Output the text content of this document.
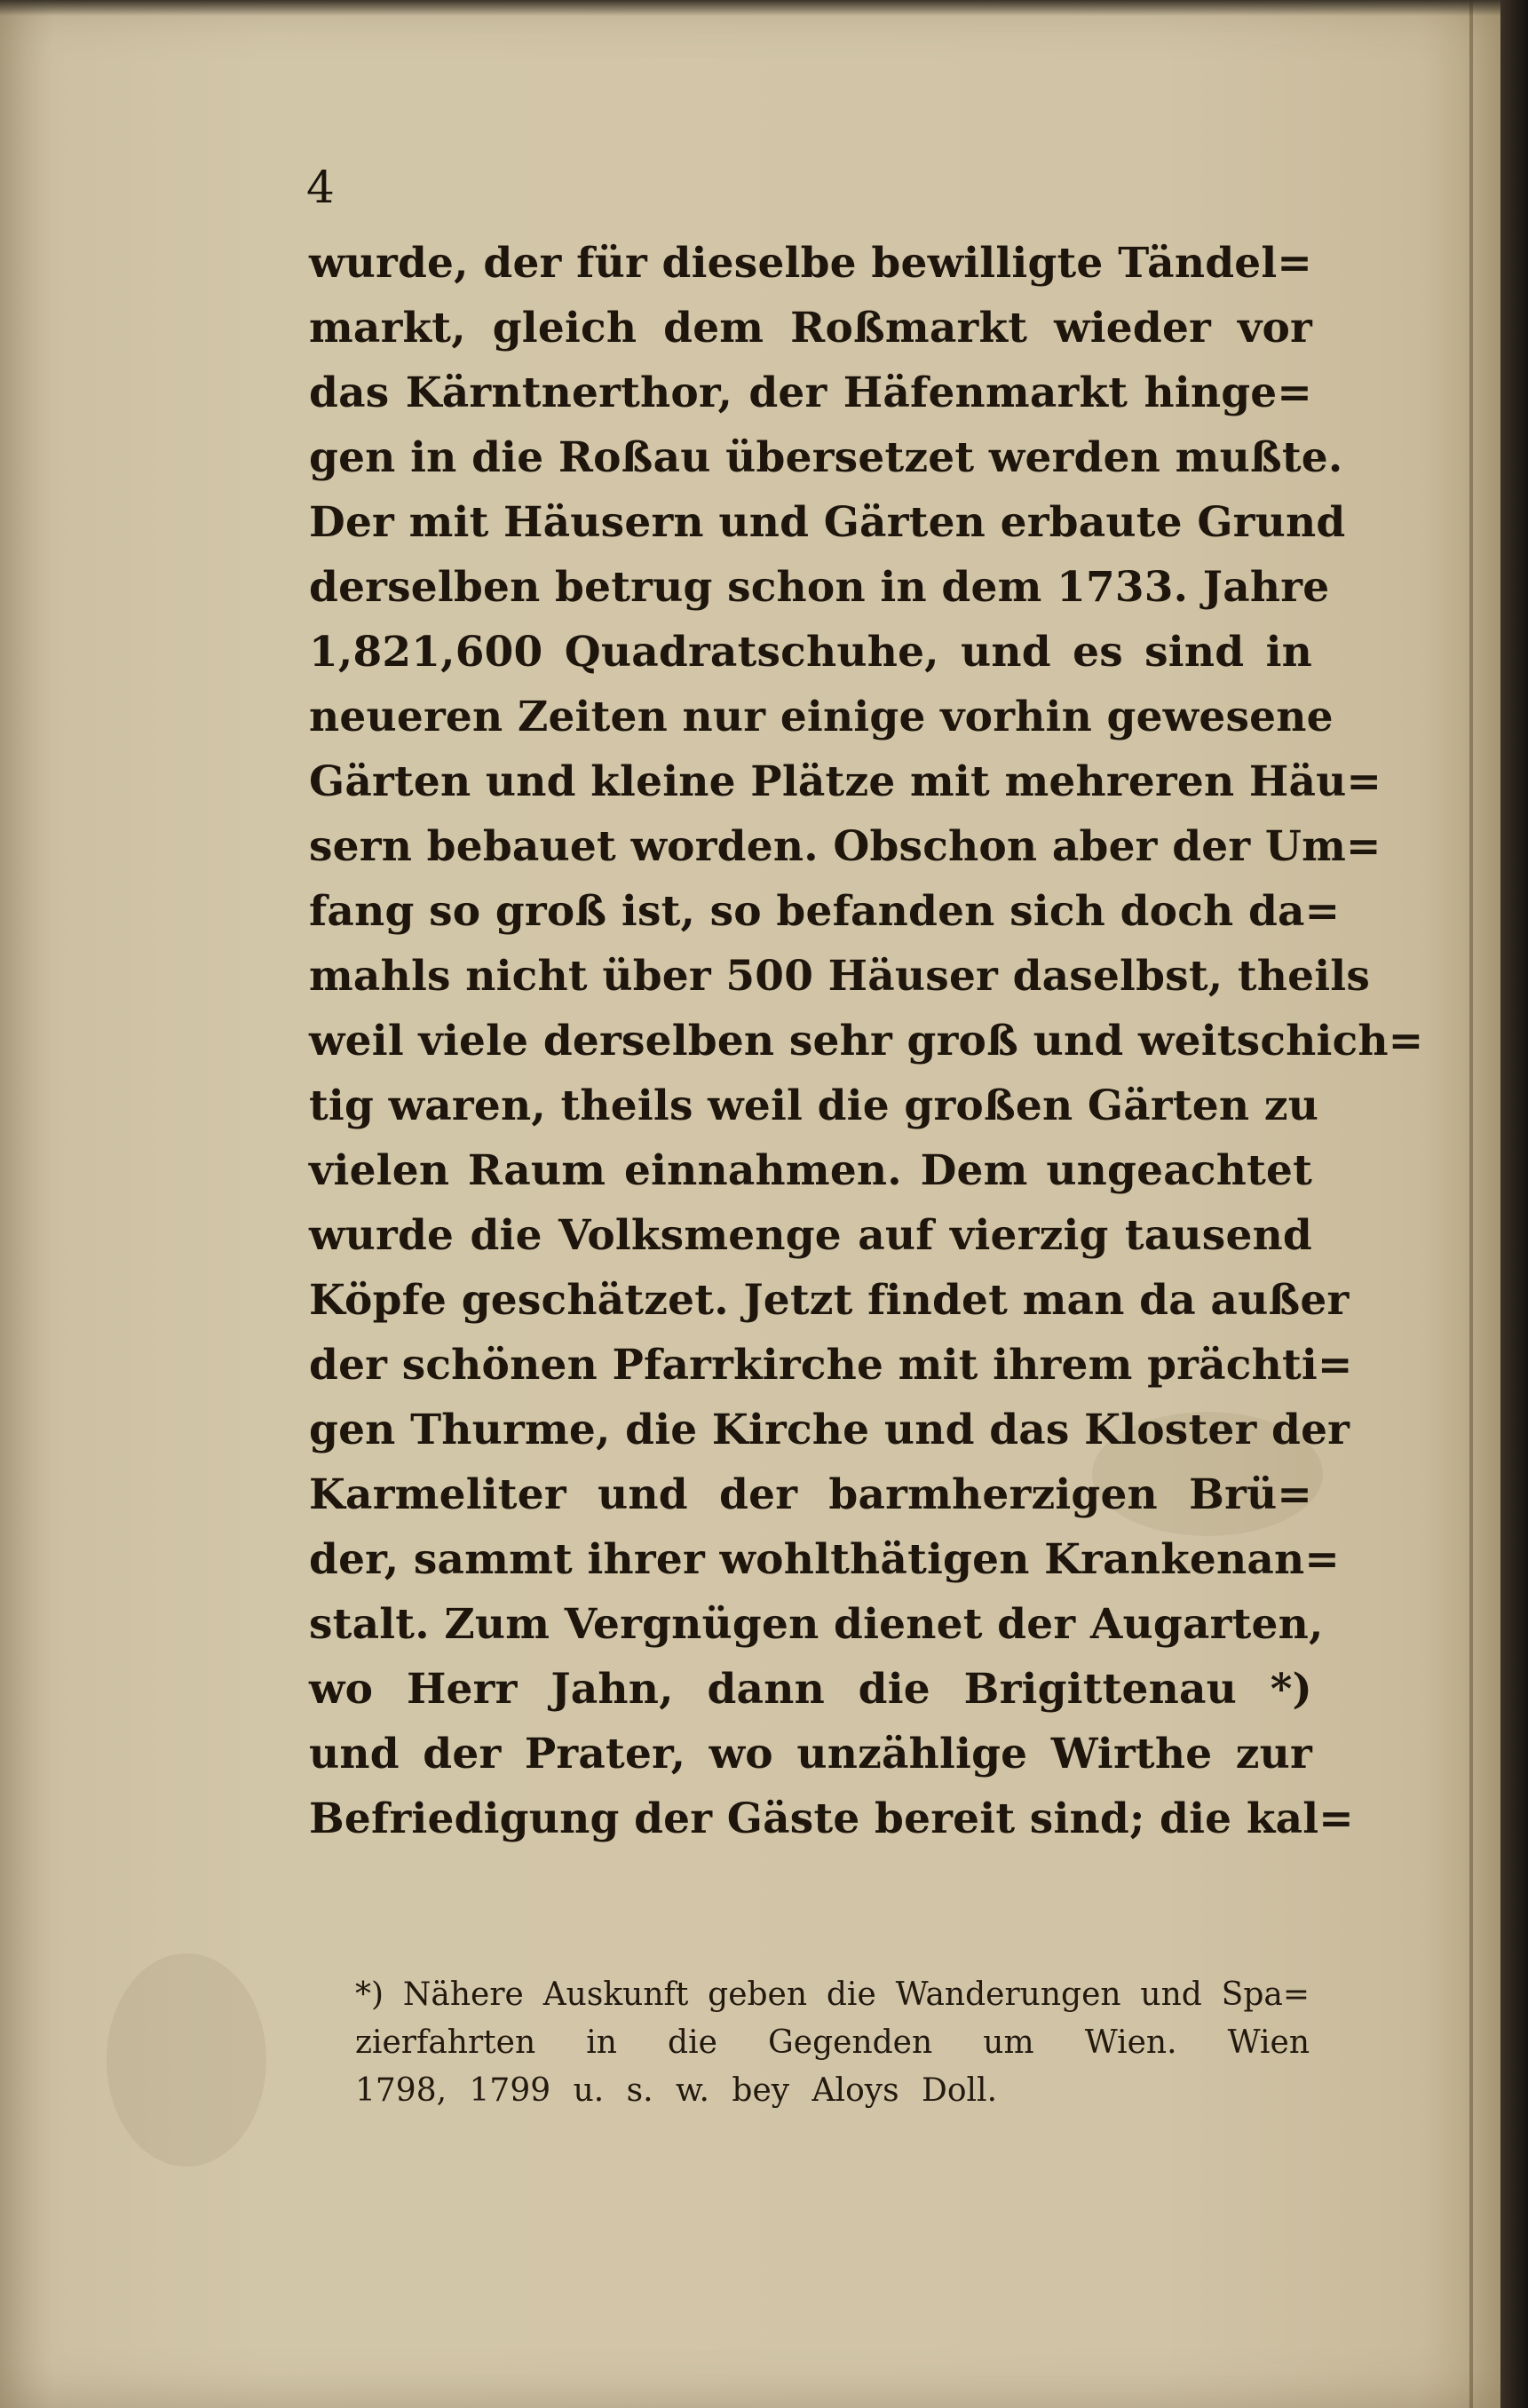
4
wurde, der für dieselbe bewilligte Tändel=
markt, gleich dem Roßmarkt wieder vor
das Kärntnerthor, der Häfenmarkt hinge=
gen in die Roßau übersetzet werden mußte.
Der mit Häusern und Gärten erbaute Grund
derselben betrug schon in dem 1733. Jahre
1,821,600 Quadratschuhe, und es sind in
neueren Zeiten nur einige vorhin gewesene
Gärten und kleine Plätze mit mehreren Häu=
sern bebauet worden. Obschon aber der Um=
fang so groß ist, so befanden sich doch da=
mahls nicht über 500 Häuser daselbst, theils
weil viele derselben sehr groß und weitschich=
tig waren, theils weil die großen Gärten zu
vielen Raum einnahmen. Dem ungeachtet
wurde die Volksmenge auf vierzig tausend
Köpfe geschätzet. Jetzt findet man da außer
der schönen Pfarrkirche mit ihrem prächti=
gen Thurme, die Kirche und das Kloster der
Karmeliter und der barmherzigen Brü=
der, sammt ihrer wohlthätigen Krankenan=
stalt. Zum Vergnügen dienet der Augarten,
wo Herr Jahn, dann die Brigittenau *)
und der Prater, wo unzählige Wirthe zur
Befriedigung der Gäste bereit sind; die kal=
*) Nähere Auskunft geben die Wanderungen und Spa=
zierfahrten in die Gegenden um Wien. Wien
1798, 1799 u. s. w. bey Aloys Doll.
